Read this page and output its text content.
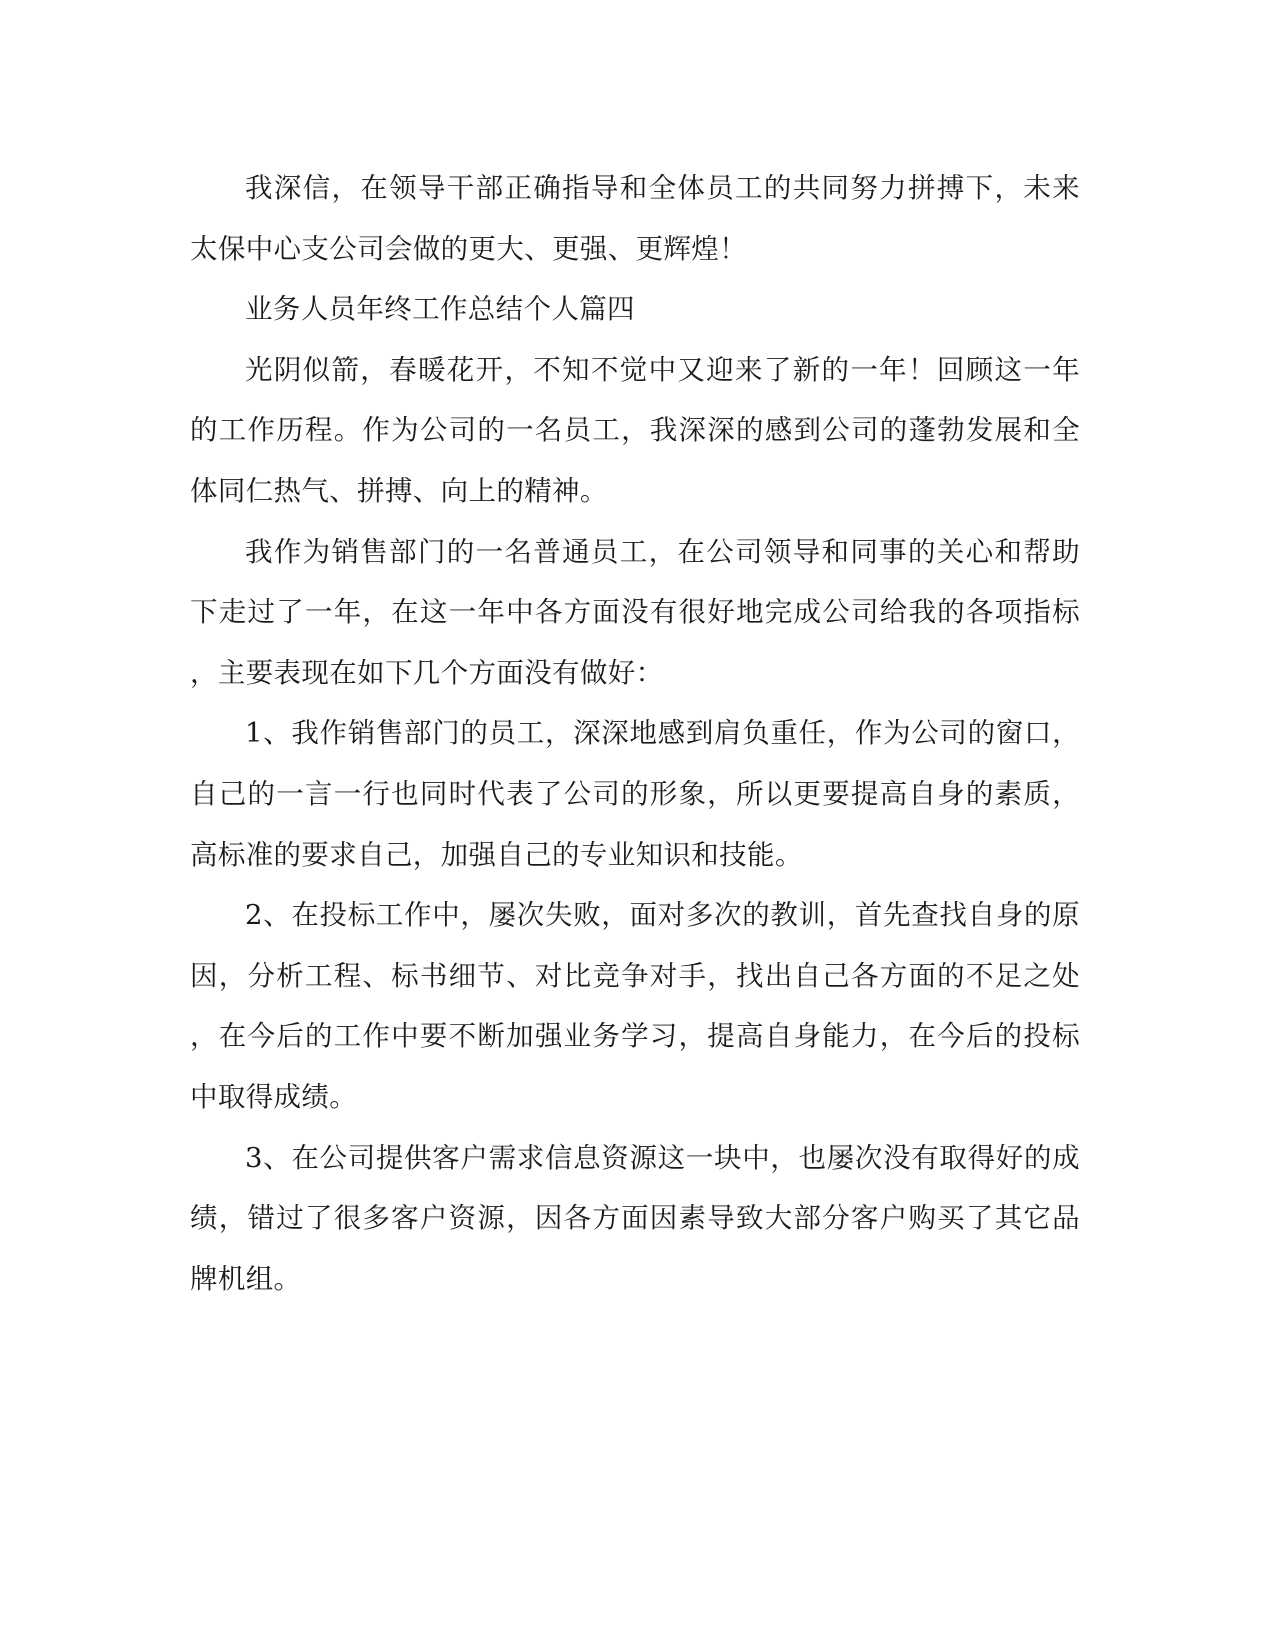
我深信，在领导干部正确指导和全体员工的共同努力拼搏下，未来太保中心支公司会做的更大、更强、更辉煌！

业务人员年终工作总结个人篇四

光阴似箭，春暖花开，不知不觉中又迎来了新的一年！回顾这一年的工作历程。作为公司的一名员工，我深深的感到公司的蓬勃发展和全体同仁热气、拼搏、向上的精神。

我作为销售部门的一名普通员工，在公司领导和同事的关心和帮助下走过了一年，在这一年中各方面没有很好地完成公司给我的各项指标，主要表现在如下几个方面没有做好：

1、我作销售部门的员工，深深地感到肩负重任，作为公司的窗口，自己的一言一行也同时代表了公司的形象，所以更要提高自身的素质，高标准的要求自己，加强自己的专业知识和技能。

2、在投标工作中，屡次失败，面对多次的教训，首先查找自身的原因，分析工程、标书细节、对比竞争对手，找出自己各方面的不足之处，在今后的工作中要不断加强业务学习，提高自身能力，在今后的投标中取得成绩。

3、在公司提供客户需求信息资源这一块中，也屡次没有取得好的成绩，错过了很多客户资源，因各方面因素导致大部分客户购买了其它品牌机组。
